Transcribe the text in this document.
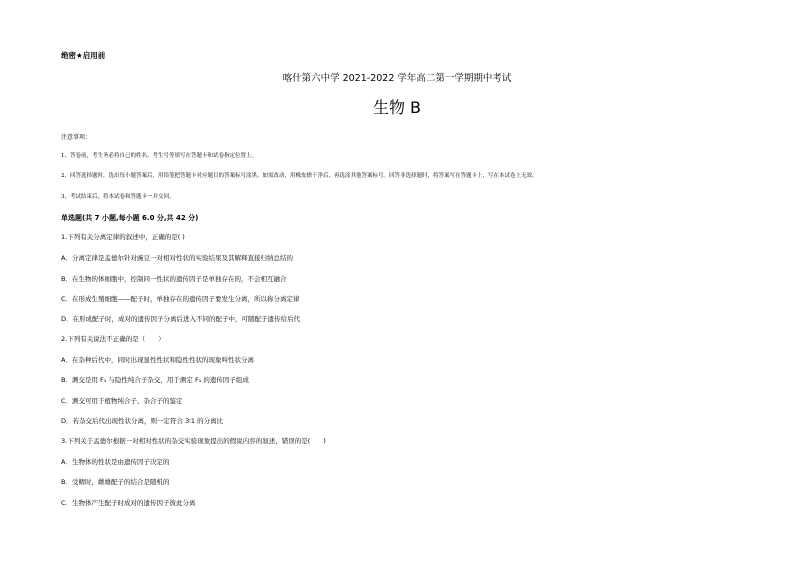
绝密★启用前
喀什第六中学 2021-2022 学年高二第一学期期中考试
生物 B
注意事项：
1、答卷前，考生务必将自己的姓名、考生号等填写在答题卡和试卷指定位置上。
2、回答选择题时，选出每小题答案后，用铅笔把答题卡对应题目的答案标号涂黑。如需改动，用橡皮擦干净后，再选涂其他答案标号。回答非选择题时，将答案写在答题卡上，写在本试卷上无效。
3、考试结束后，将本试卷和答题卡一并交回。
单选题(共 7 小题,每小题 6.0 分,共 42 分)
1.下列有关分离定律的叙述中，正确的是( )
A．分离定律是孟德尔针对豌豆一对相对性状的实验结果及其解释直接归纳总结的
B．在生物的体细胞中，控制同一性状的遗传因子是单独存在的，不会相互融合
C．在形成生殖细胞——配子时，单独存在的遗传因子要发生分离，所以称分离定律
D．在形成配子时，成对的遗传因子分离后进入不同的配子中，可随配子遗传给后代
2.下列有关说法不正确的是（　　）
A．在杂种后代中，同时出现显性性状和隐性性状的现象叫性状分离
B．测交是用 F₁ 与隐性纯合子杂交，用于测定 F₁ 的遗传因子组成
C．测交可用于植物纯合子、杂合子的鉴定
D．若杂交后代出现性状分离，则一定符合 3∶1 的分离比
3.下列关于孟德尔根据一对相对性状的杂交实验现象提出的假说内容的叙述，错误的是(　　)
A．生物体的性状是由遗传因子决定的
B．受精时，雌雄配子的结合是随机的
C．生物体产生配子时成对的遗传因子彼此分离
